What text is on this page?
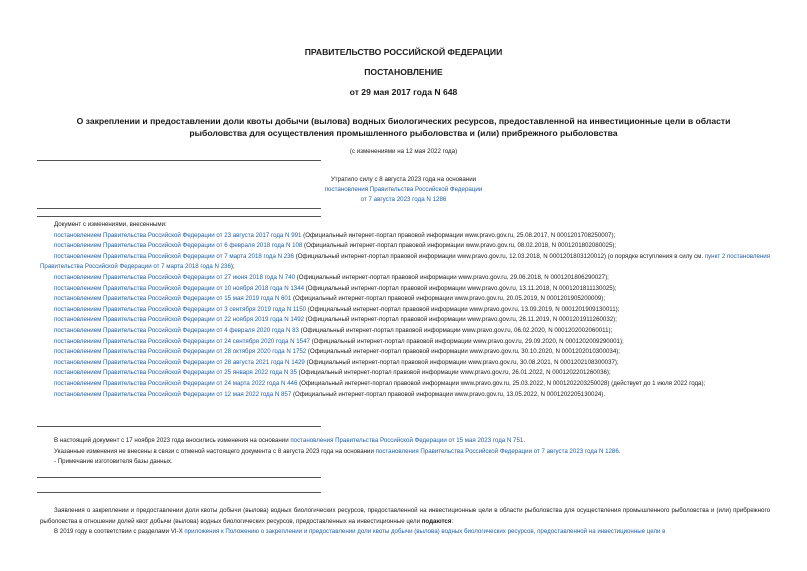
ПРАВИТЕЛЬСТВО РОССИЙСКОЙ ФЕДЕРАЦИИ
ПОСТАНОВЛЕНИЕ
от 29 мая 2017 года N 648
О закреплении и предоставлении доли квоты добычи (вылова) водных биологических ресурсов, предоставленной на инвестиционные цели в области
рыболовства для осуществления промышленного рыболовства и (или) прибрежного рыболовства
(с изменениями на 12 мая 2022 года)
Утратило силу с 8 августа 2023 года на основании
постановления Правительства Российской Федерации
от 7 августа 2023 года N 1286
Документ с изменениями, внесенными:
постановлением Правительства Российской Федерации от 23 августа 2017 года N 991 (Официальный интернет-портал правовой информации www.pravo.gov.ru, 25.08.2017, N 0001201708250007);
постановлением Правительства Российской Федерации от 6 февраля 2018 года N 108 (Официальный интернет-портал правовой информации www.pravo.gov.ru, 08.02.2018, N 0001201802080025);
постановлением Правительства Российской Федерации от 7 марта 2018 года N 236 (Официальный интернет-портал правовой информации www.pravo.gov.ru, 12.03.2018, N 0001201803120012) (о порядке вступления в силу см. пункт 2 постановления Правительства Российской Федерации от 7 марта 2018 года N 236);
постановлением Правительства Российской Федерации от 27 июня 2018 года N 740 (Официальный интернет-портал правовой информации www.pravo.gov.ru, 29.06.2018, N 0001201806290027);
постановлением Правительства Российской Федерации от 10 ноября 2018 года N 1344 (Официальный интернет-портал правовой информации www.pravo.gov.ru, 13.11.2018, N 0001201811130025);
постановлением Правительства Российской Федерации от 15 мая 2019 года N 601 (Официальный интернет-портал правовой информации www.pravo.gov.ru, 20.05.2019, N 0001201905200009);
постановлением Правительства Российской Федерации от 3 сентября 2019 года N 1150 (Официальный интернет-портал правовой информации www.pravo.gov.ru, 13.09.2019, N 0001201909130011);
постановлением Правительства Российской Федерации от 22 ноября 2019 года N 1492 (Официальный интернет-портал правовой информации www.pravo.gov.ru, 26.11.2019, N 0001201911260032);
постановлением Правительства Российской Федерации от 4 февраля 2020 года N 83 (Официальный интернет-портал правовой информации www.pravo.gov.ru, 06.02.2020, N 0001202002060011);
постановлением Правительства Российской Федерации от 24 сентября 2020 года N 1547 (Официальный интернет-портал правовой информации www.pravo.gov.ru, 29.09.2020, N 0001202009290001);
постановлением Правительства Российской Федерации от 28 октября 2020 года N 1752 (Официальный интернет-портал правовой информации www.pravo.gov.ru, 30.10.2020, N 0001202010300034);
постановлением Правительства Российской Федерации от 28 августа 2021 года N 1429 (Официальный интернет-портал правовой информации www.pravo.gov.ru, 30.08.2021, N 0001202108300037);
постановлением Правительства Российской Федерации от 25 января 2022 года N 35 (Официальный интернет-портал правовой информации www.pravo.gov.ru, 26.01.2022, N 0001202201260036);
постановлением Правительства Российской Федерации от 24 марта 2022 года N 446 (Официальный интернет-портал правовой информации www.pravo.gov.ru, 25.03.2022, N 0001202203250028) (действует до 1 июля 2022 года);
постановлением Правительства Российской Федерации от 12 мая 2022 года N 857 (Официальный интернет-портал правовой информации www.pravo.gov.ru, 13.05.2022, N 0001202205130024).
В настоящий документ с 17 ноября 2023 года вносились изменения на основании постановления Правительства Российской Федерации от 15 мая 2023 года N 751.
Указанные изменения не внесены в связи с отменой настоящего документа с 8 августа 2023 года на основании постановления Правительства Российской Федерации от 7 августа 2023 года N 1286.
- Примечание изготовителя базы данных.
Заявления о закреплении и предоставлении доли квоты добычи (вылова) водных биологических ресурсов, предоставленной на инвестиционные цели в области рыболовства для осуществления промышленного рыболовства и (или) прибрежного рыболовства в отношении долей квот добычи (вылова) водных биологических ресурсов, предоставленных на инвестиционные цели подаются:
В 2019 году в соответствии с разделами VI-X приложения к Положению о закреплении и предоставлении доли квоты добычи (вылова) водных биологических ресурсов, предоставленной на инвестиционные цели в
